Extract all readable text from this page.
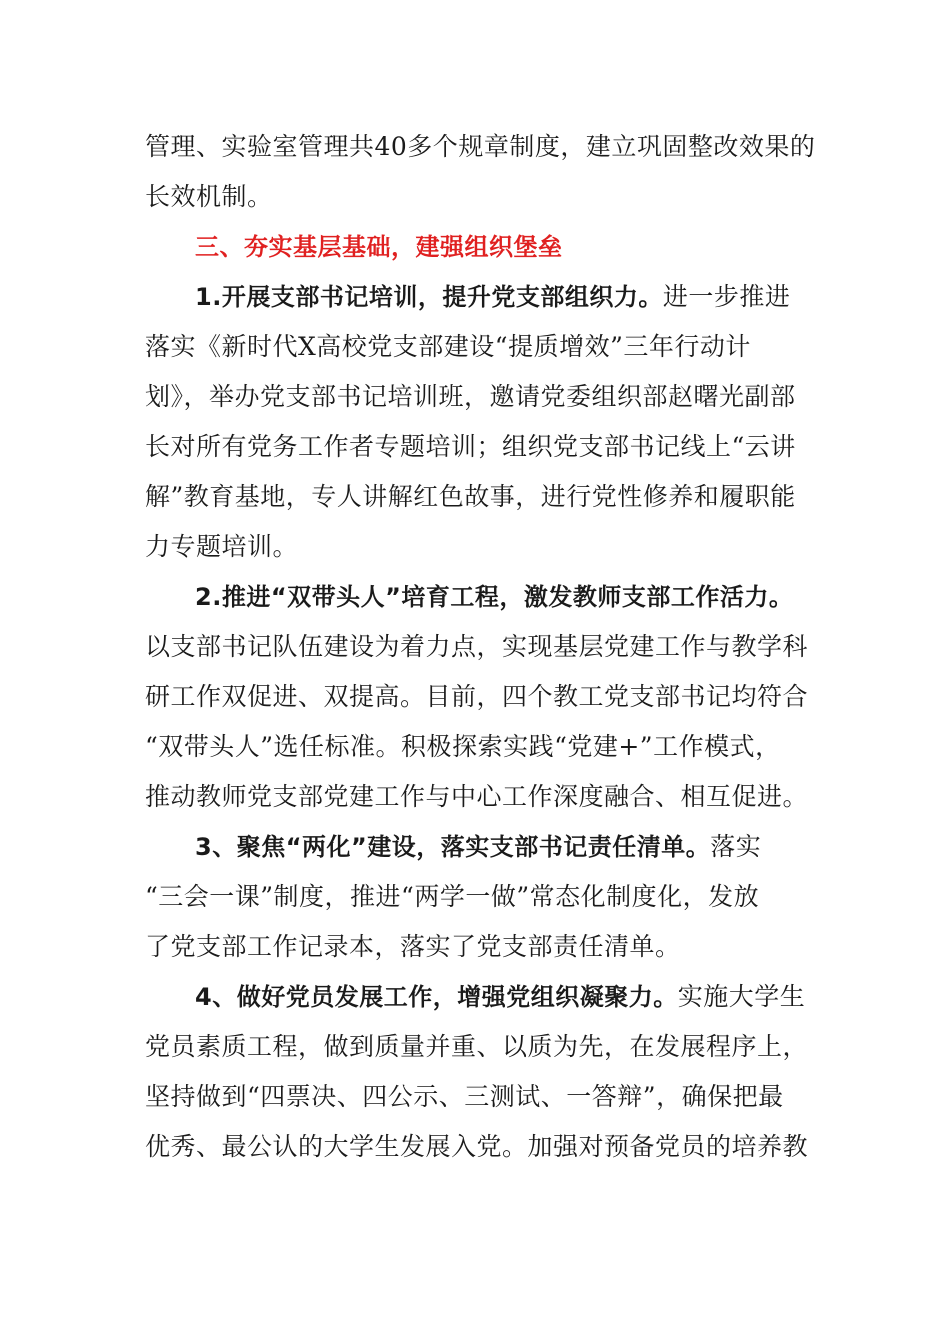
管理、实验室管理共40多个规章制度，建立巩固整改效果的
长效机制。
三、夯实基层基础，建强组织堡垒
1.开展支部书记培训，提升党支部组织力。进一步推进
落实《新时代X高校党支部建设“提质增效”三年行动计
划》，举办党支部书记培训班，邀请党委组织部赵曙光副部
长对所有党务工作者专题培训；组织党支部书记线上“云讲
解”教育基地，专人讲解红色故事，进行党性修养和履职能
力专题培训。
2.推进“双带头人”培育工程，激发教师支部工作活力。
以支部书记队伍建设为着力点，实现基层党建工作与教学科
研工作双促进、双提高。目前，四个教工党支部书记均符合
“双带头人”选任标准。积极探索实践“党建+”工作模式，
推动教师党支部党建工作与中心工作深度融合、相互促进。
3、聚焦“两化”建设，落实支部书记责任清单。落实
“三会一课”制度，推进“两学一做”常态化制度化，发放
了党支部工作记录本，落实了党支部责任清单。
4、做好党员发展工作，增强党组织凝聚力。实施大学生
党员素质工程，做到质量并重、以质为先，在发展程序上，
坚持做到“四票决、四公示、三测试、一答辩”，确保把最
优秀、最公认的大学生发展入党。加强对预备党员的培养教
